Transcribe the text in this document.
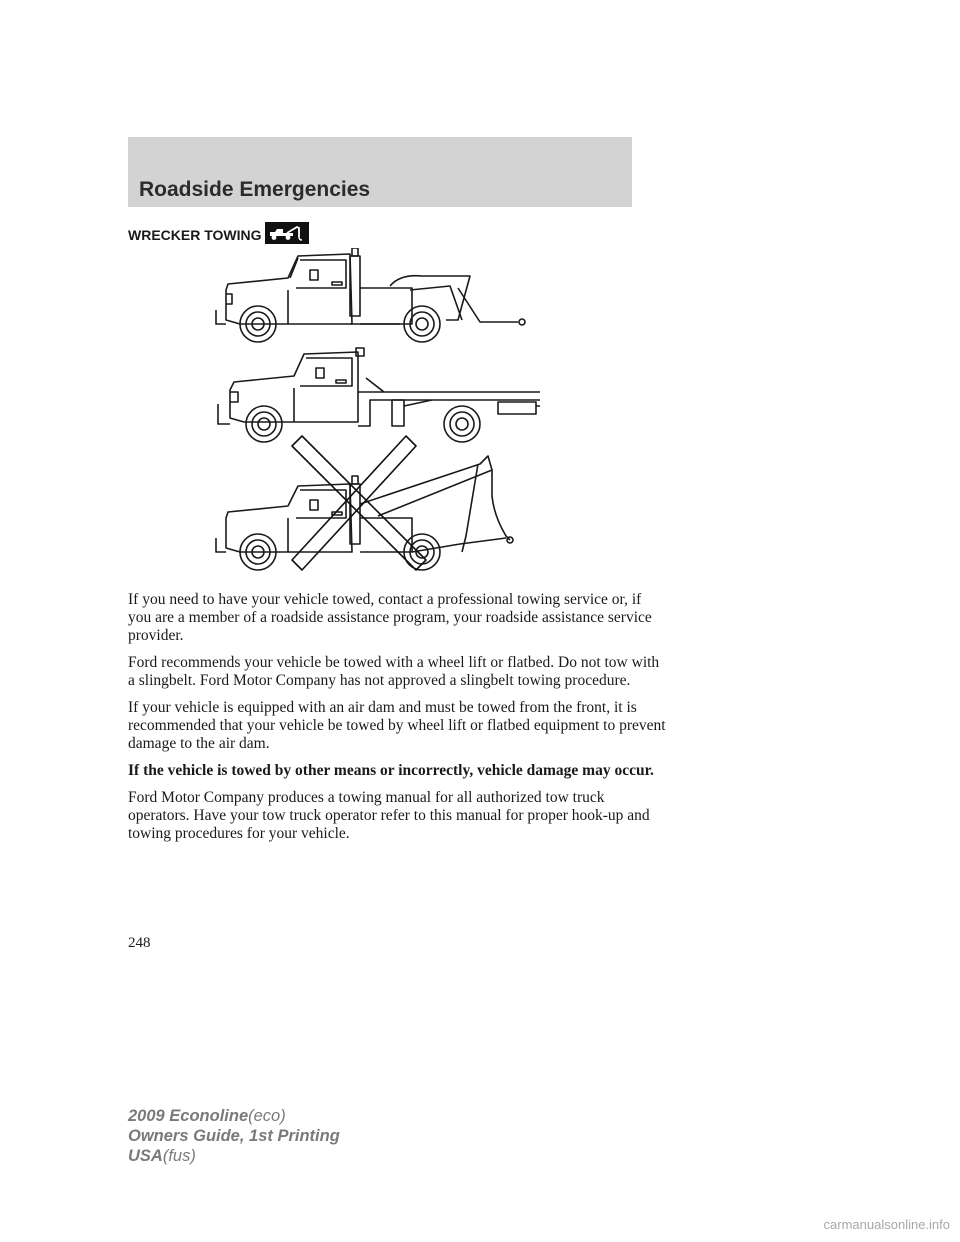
Roadside Emergencies
WRECKER TOWING

If you need to have your vehicle towed, contact a professional towing service or, if you are a member of a roadside assistance program, your roadside assistance service provider.

Ford recommends your vehicle be towed with a wheel lift or flatbed. Do not tow with a slingbelt. Ford Motor Company has not approved a slingbelt towing procedure.

If your vehicle is equipped with an air dam and must be towed from the front, it is recommended that your vehicle be towed by wheel lift or flatbed equipment to prevent damage to the air dam.

If the vehicle is towed by other means or incorrectly, vehicle damage may occur.

Ford Motor Company produces a towing manual for all authorized tow truck operators. Have your tow truck operator refer to this manual for proper hook-up and towing procedures for your vehicle.

248
2009 Econoline(eco)
Owners Guide, 1st Printing
USA(fus)
carmanualsonline.info
